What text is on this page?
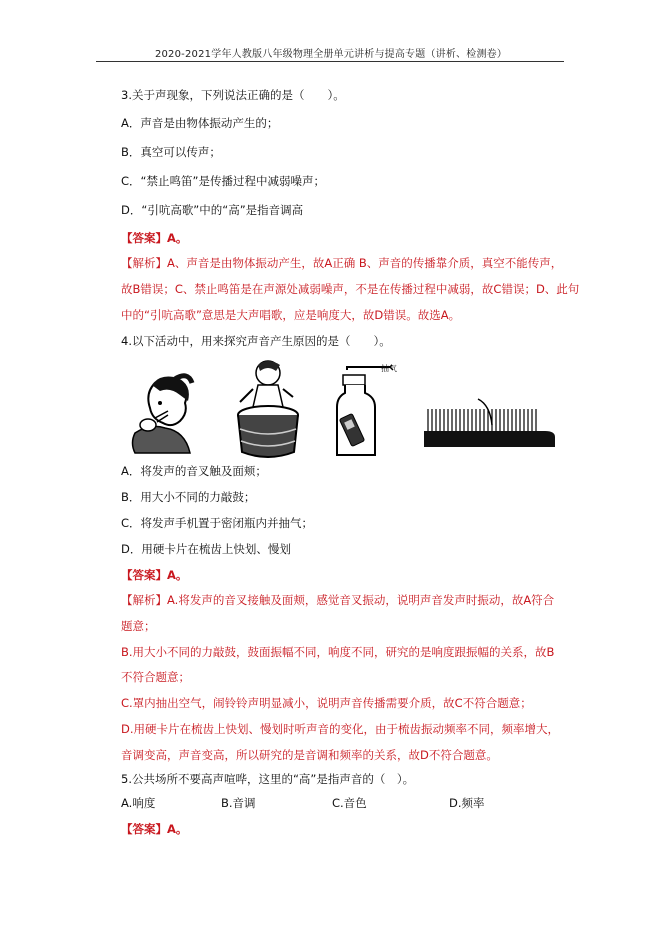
2020-2021学年人教版八年级物理全册单元讲析与提高专题（讲析、检测卷）
3.关于声现象，下列说法正确的是（　　）。
A．声音是由物体振动产生的；
B．真空可以传声；
C．“禁止鸣笛”是传播过程中减弱噪声；
D．“引吭高歌”中的“高”是指音调高
【答案】A。
【解析】A、声音是由物体振动产生，故A正确 B、声音的传播靠介质，真空不能传声，
故B错误；C、禁止鸣笛是在声源处减弱噪声，不是在传播过程中减弱，故C错误；D、此句
中的“引吭高歌”意思是大声唱歌，应是响度大，故D错误。故选A。
4.以下活动中，用来探究声音产生原因的是（　　）。
抽气
A．将发声的音叉触及面颊；
B．用大小不同的力敲鼓；
C．将发声手机置于密闭瓶内并抽气；
D．用硬卡片在梳齿上快划、慢划
【答案】A。
【解析】A.将发声的音叉接触及面颊，感觉音叉振动，说明声音发声时振动，故A符合
题意；
B.用大小不同的力敲鼓，鼓面振幅不同，响度不同，研究的是响度跟振幅的关系，故B
不符合题意；
C.罩内抽出空气，闹铃铃声明显减小，说明声音传播需要介质，故C不符合题意；
D.用硬卡片在梳齿上快划、慢划时听声音的变化，由于梳齿振动频率不同，频率增大，
音调变高，声音变高，所以研究的是音调和频率的关系，故D不符合题意。
5.公共场所不要高声喧哗，这里的“高”是指声音的（　）。
A.响度	B.音调	C.音色	D.频率
【答案】A。
